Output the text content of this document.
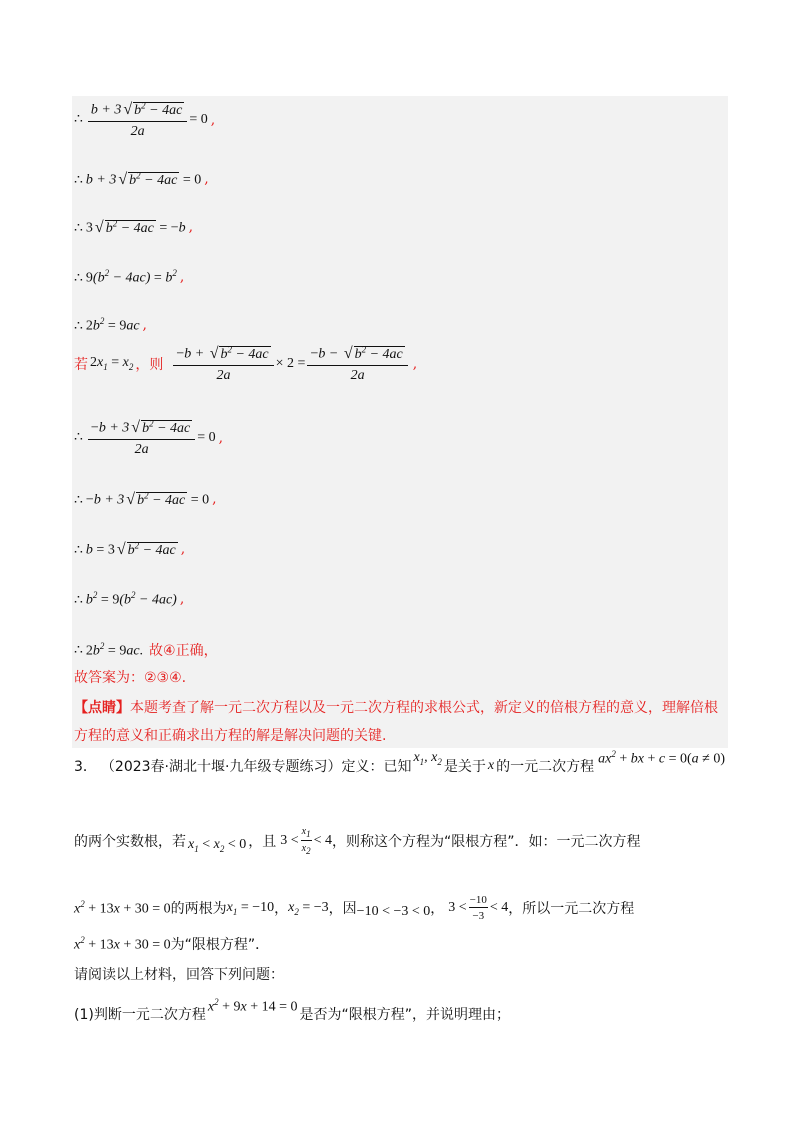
∴ $\frac{b + 3 √ b^2 - 4ac}{2a} = 0$ ,
∴ b + 3 √ $b^2 - 4ac = 0$ ,
∴ 3 √ $b^2 - 4ac = -b$ ,
∴ $9(b^2 - 4ac) = b^2$ ,
∴ $2b^2 = 9ac$ ,
若 $2x_1 = x_2$ ，则 $\frac{-b + √ b^2 - 4ac}{2a} \times 2 = \frac{-b - √ b^2 - 4ac}{2a}$ ,
∴ $\frac{-b + 3 √ b^2 - 4ac}{2a} = 0$ ,
∴ −b + 3 √ $b^2 - 4ac = 0$ ,
∴ b = 3 √ $b^2 - 4ac$ ,
∴ $b^2 = 9(b^2 - 4ac)$ ,
∴ $2b^2 = 9ac$. 故④正确，
故答案为：②③④.
【点睛】本题考查了解一元二次方程以及一元二次方程的求根公式，新定义的倍根方程的意义，理解倍根
方程的意义和正确求出方程的解是解决问题的关键.
3． （2023春·湖北十堰·九年级专题练习） 定义：已知
$x_1$, $x_2$ 是关于 x 的一元二次方程
$ax^2$ + bx + c = 0(a ≠ 0)
的两个实数根，若 $x_1 < x_2 < 0$ ，且 $3 < \frac{x_1}{x_2} < 4$ ，则称这个方程为“限根方程”．如：一元二次方程
$x^2 + 13x + 30 = 0$ 的两根为 $x_1 = -10$ ， $x_2 = -3$ ，因 −10 < −3 < 0 ， $3 < \frac{-10}{-3} < 4$ ，所以一元二次方程
$x^2 + 13x + 30 = 0$ 为“限根方程”．
请阅读以上材料，回答下列问题：
(1)判断一元二次方程
$x^2 + 9x + 14 = 0$
是否为“限根方程”，并说明理由；
